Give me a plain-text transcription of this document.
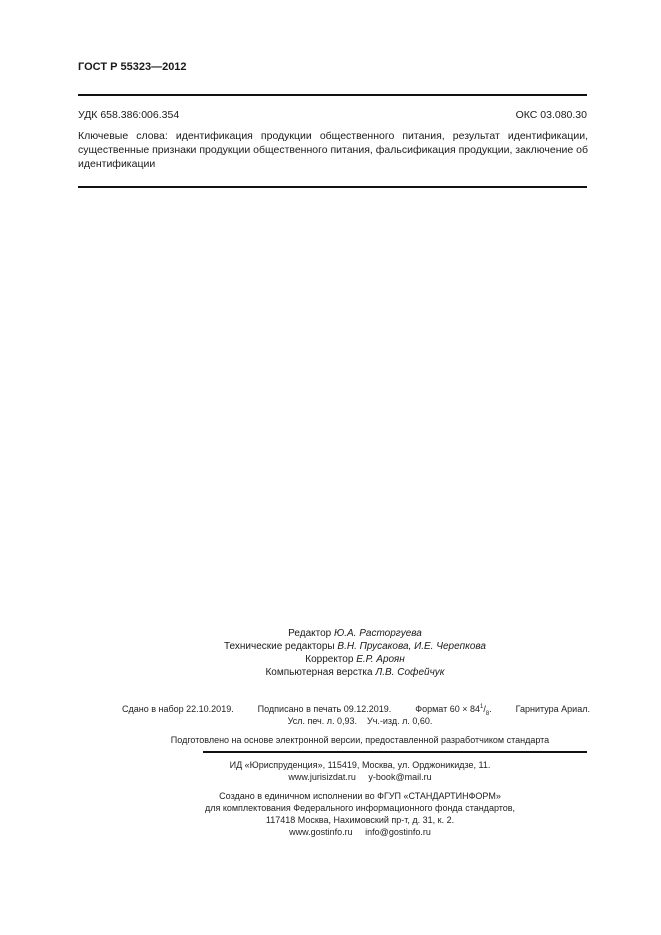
ГОСТ Р 55323—2012
УДК 658.386:006.354	ОКС 03.080.30
Ключевые слова: идентификация продукции общественного питания, результат идентификации, существенные признаки продукции общественного питания, фальсификация продукции, заключение об идентификации
Редактор Ю.А. Расторгуева
Технические редакторы В.Н. Прусакова, И.Е. Черепкова
Корректор Е.Р. Ароян
Компьютерная верстка Л.В. Софейчук
Сдано в набор 22.10.2019.	Подписано в печать 09.12.2019.	Формат $60 \times 84^1/_8$.	Гарнитура Ариал.
Усл. печ. л. 0,93.    Уч.-изд. л. 0,60.
Подготовлено на основе электронной версии, предоставленной разработчиком стандарта
ИД «Юриспруденция», 115419, Москва, ул. Орджоникидзе, 11.
www.jurisizdat.ru     y-book@mail.ru
Создано в единичном исполнении во ФГУП «СТАНДАРТИНФОРМ»
для комплектования Федерального информационного фонда стандартов,
117418 Москва, Нахимовский пр-т, д. 31, к. 2.
www.gostinfo.ru     info@gostinfo.ru
